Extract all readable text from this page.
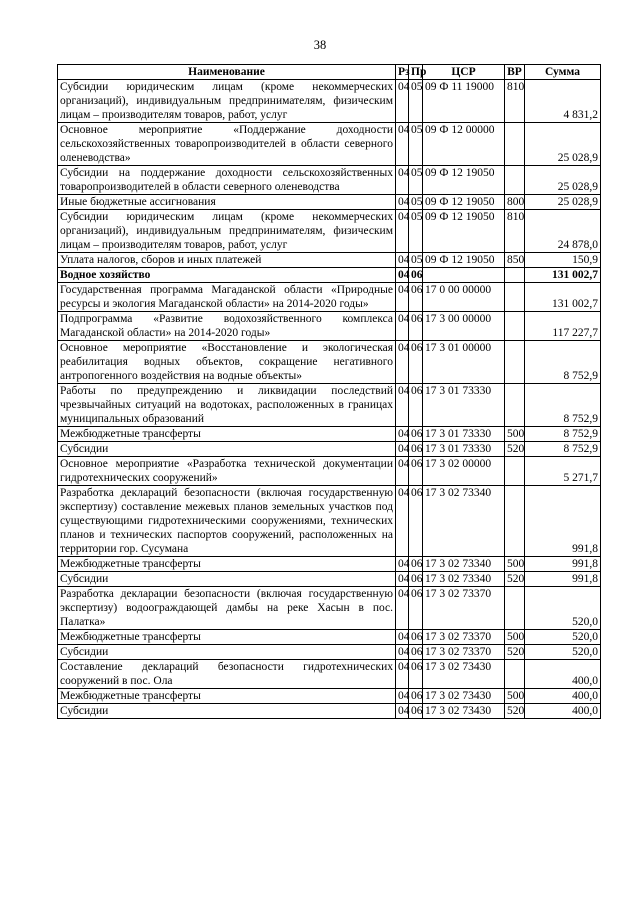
38
Наименование	Рз	Пр	ЦСР	ВР	Сумма
Субсидии юридическим лицам (кроме некоммерческих организаций), индивидуальным предпринимателям, физическим лицам – производителям товаров, работ, услуг	04	05	09 Ф 11 19000	810	4 831,2
Основное мероприятие «Поддержание доходности сельскохозяйственных товаропроизводителей в области северного оленеводства»	04	05	09 Ф 12 00000		25 028,9
Субсидии на поддержание доходности сельскохозяйственных товаропроизводителей в области северного оленеводства	04	05	09 Ф 12 19050		25 028,9
Иные бюджетные ассигнования	04	05	09 Ф 12 19050	800	25 028,9
Субсидии юридическим лицам (кроме некоммерческих организаций), индивидуальным предпринимателям, физическим лицам – производителям товаров, работ, услуг	04	05	09 Ф 12 19050	810	24 878,0
Уплата налогов, сборов и иных платежей	04	05	09 Ф 12 19050	850	150,9
Водное хозяйство	04	06			131 002,7
Государственная программа Магаданской области «Природные ресурсы и экология Магаданской области» на 2014-2020 годы»	04	06	17 0 00 00000		131 002,7
Подпрограмма «Развитие водохозяйственного комплекса Магаданской области» на 2014-2020 годы»	04	06	17 3 00 00000		117 227,7
Основное мероприятие «Восстановление и экологическая реабилитация водных объектов, сокращение негативного антропогенного воздействия на водные объекты»	04	06	17 3 01 00000		8 752,9
Работы по предупреждению и ликвидации последствий чрезвычайных ситуаций на водотоках, расположенных в границах муниципальных образований	04	06	17 3 01 73330		8 752,9
Межбюджетные трансферты	04	06	17 3 01 73330	500	8 752,9
Субсидии	04	06	17 3 01 73330	520	8 752,9
Основное мероприятие «Разработка технической документации гидротехнических сооружений»	04	06	17 3 02 00000		5 271,7
Разработка деклараций безопасности (включая государственную экспертизу) составление межевых планов земельных участков под существующими гидротехническими сооружениями, технических планов и технических паспортов сооружений, расположенных на территории гор. Сусумана	04	06	17 3 02 73340		991,8
Межбюджетные трансферты	04	06	17 3 02 73340	500	991,8
Субсидии	04	06	17 3 02 73340	520	991,8
Разработка декларации безопасности (включая государственную экспертизу) водоограждающей дамбы на реке Хасын в пос. Палатка»	04	06	17 3 02 73370		520,0
Межбюджетные трансферты	04	06	17 3 02 73370	500	520,0
Субсидии	04	06	17 3 02 73370	520	520,0
Составление деклараций безопасности гидротехнических сооружений в пос. Ола	04	06	17 3 02 73430		400,0
Межбюджетные трансферты	04	06	17 3 02 73430	500	400,0
Субсидии	04	06	17 3 02 73430	520	400,0
